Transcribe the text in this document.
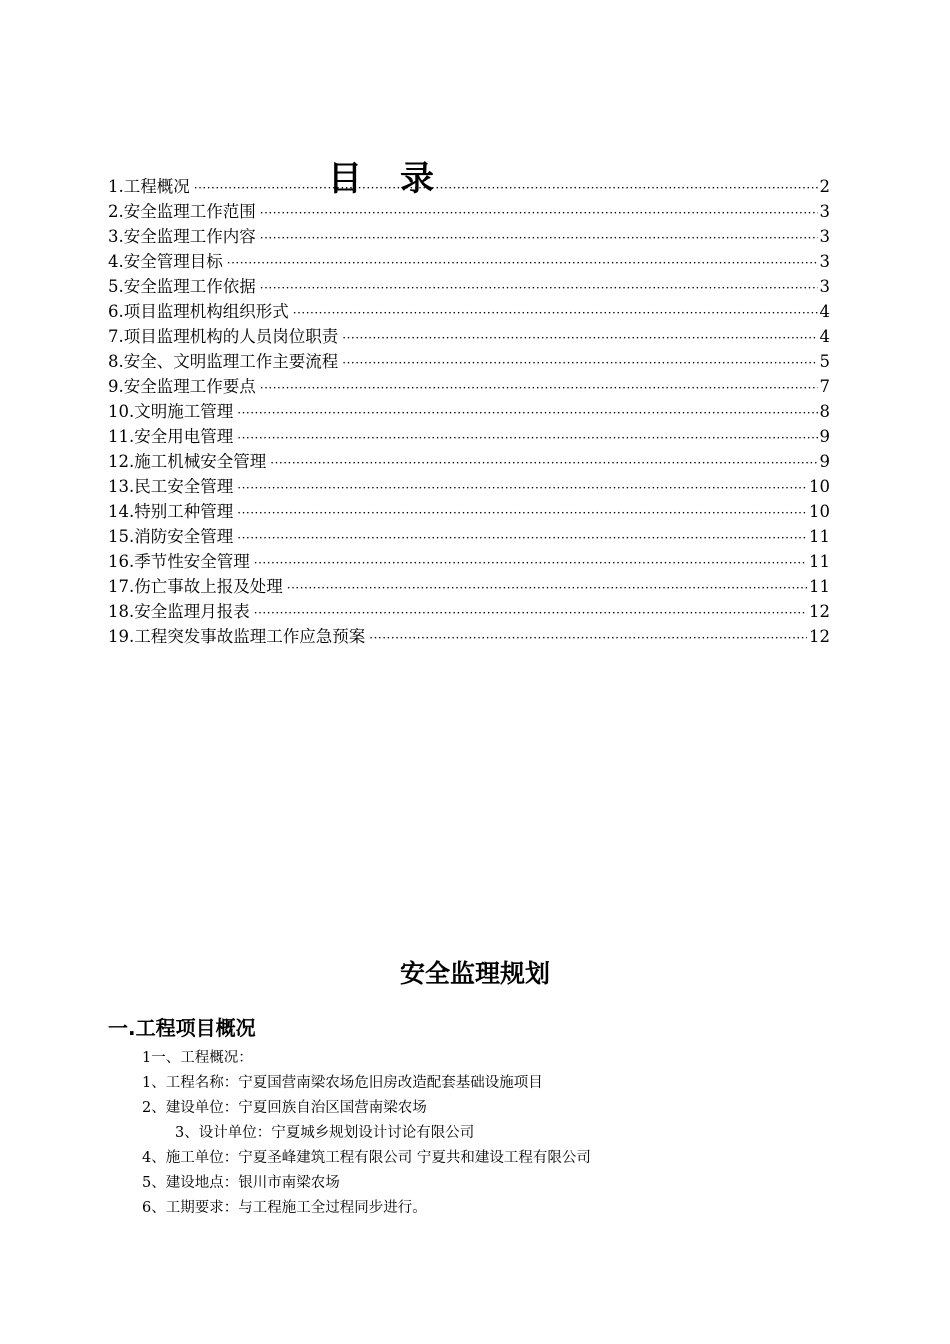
目录
1.工程概况 ·····	2
2.安全监理工作范围 ·····	3
3.安全监理工作内容 ·····	3
4.安全管理目标 ·····	3
5.安全监理工作依据 ·····	3
6.项目监理机构组织形式 ·····	4
7.项目监理机构的人员岗位职责 ·····	4
8.安全、文明监理工作主要流程 ·····	5
9.安全监理工作要点 ·····	7
10.文明施工管理 ·····	8
11.安全用电管理 ·····	9
12.施工机械安全管理 ·····	9
13.民工安全管理 ·····	10
14.特别工种管理 ·····	10
15.消防安全管理 ·····	11
16.季节性安全管理 ·····	11
17.伤亡事故上报及处理 ·····	11
18.安全监理月报表 ·····	12
19.工程突发事故监理工作应急预案 ·····	12
安全监理规划
一.工程项目概况
1一、工程概况：
1、工程名称：宁夏国营南梁农场危旧房改造配套基础设施项目
2、建设单位：宁夏回族自治区国营南梁农场
3、设计单位：宁夏城乡规划设计讨论有限公司
4、施工单位：宁夏圣峰建筑工程有限公司 宁夏共和建设工程有限公司
5、建设地点：银川市南梁农场
6、工期要求：与工程施工全过程同步进行。
